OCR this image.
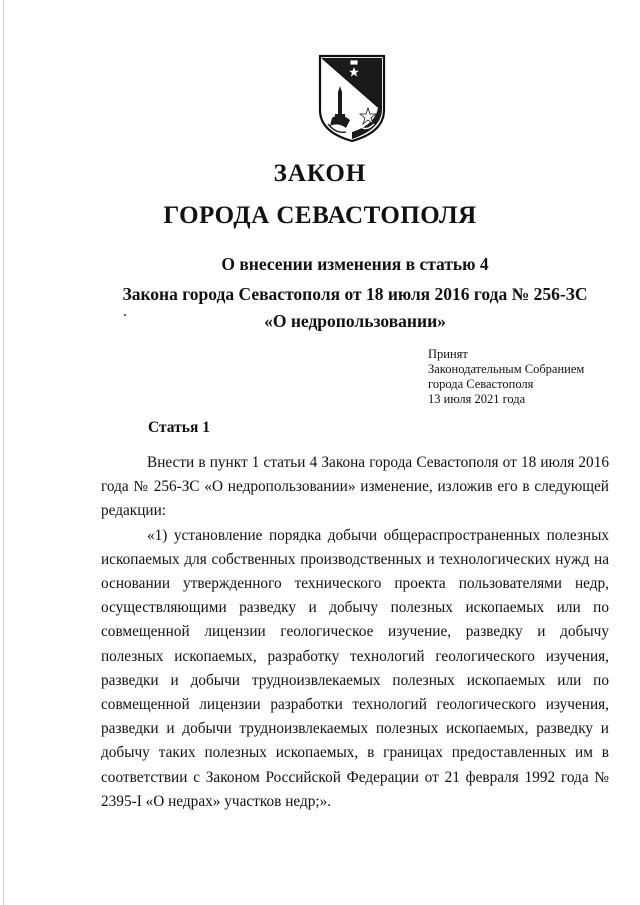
ЗАКОН
ГОРОДА СЕВАСТОПОЛЯ
О внесении изменения в статью 4
Закона города Севастополя от 18 июля 2016 года № 256-ЗС
«О недропользовании»
Принят
Законодательным Собранием
города Севастополя
13 июля 2021 года
Статья 1

Внести в пункт 1 статьи 4 Закона города Севастополя от 18 июля 2016 года № 256-ЗС «О недропользовании» изменение, изложив его в следующей редакции:

«1) установление порядка добычи общераспространенных полезных ископаемых для собственных производственных и технологических нужд на основании утвержденного технического проекта пользователями недр, осуществляющими разведку и добычу полезных ископаемых или по совмещенной лицензии геологическое изучение, разведку и добычу полезных ископаемых, разработку технологий геологического изучения, разведки и добычи трудноизвлекаемых полезных ископаемых или по совмещенной лицензии разработки технологий геологического изучения, разведки и добычи трудноизвлекаемых полезных ископаемых, разведку и добычу таких полезных ископаемых, в границах предоставленных им в соответствии с Законом Российской Федерации от 21 февраля 1992 года № 2395-I «О недрах» участков недр;».
